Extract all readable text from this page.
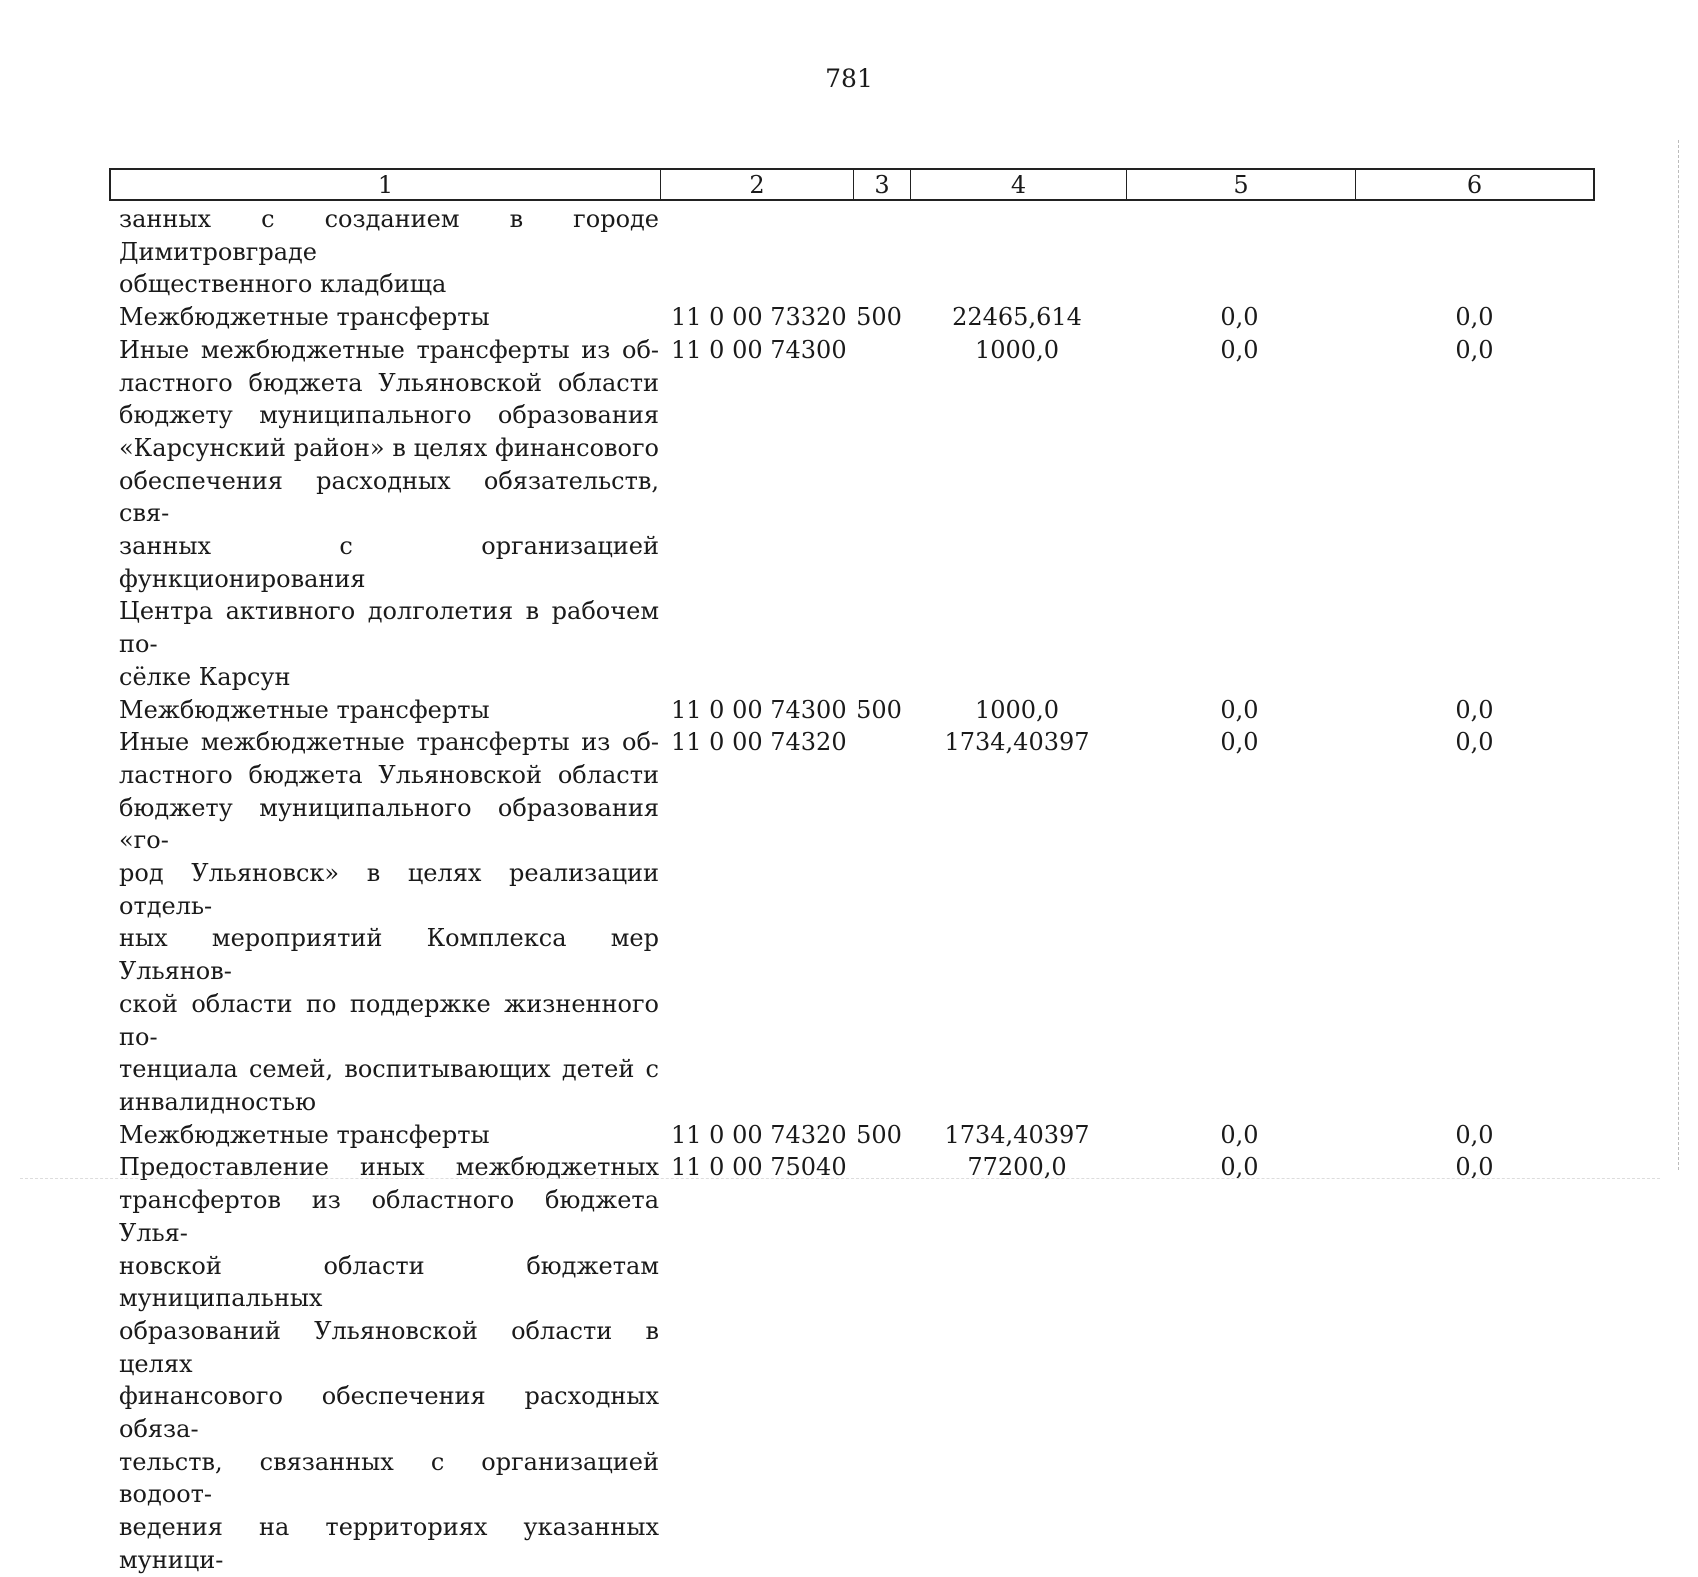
781
1	2	3	4	5	6
занных с созданием в городе Димитровграде
общественного кладбища
Межбюджетные трансферты	11 0 00 73320 500	22465,614	0,0	0,0
Иные межбюджетные трансферты из об-
ластного бюджета Ульяновской области
бюджету муниципального образования
«Карсунский район» в целях финансового
обеспечения расходных обязательств, свя-
занных с организацией функционирования
Центра активного долголетия в рабочем по-
сёлке Карсун
11 0 00 74300	1000,0	0,0	0,0
Межбюджетные трансферты	11 0 00 74300 500	1000,0	0,0	0,0
Иные межбюджетные трансферты из об-
ластного бюджета Ульяновской области
бюджету муниципального образования «го-
род Ульяновск» в целях реализации отдель-
ных мероприятий Комплекса мер Ульянов-
ской области по поддержке жизненного по-
тенциала семей, воспитывающих детей с
инвалидностью
11 0 00 74320	1734,40397	0,0	0,0
Межбюджетные трансферты	11 0 00 74320 500	1734,40397	0,0	0,0
Предоставление иных межбюджетных
трансфертов из областного бюджета Улья-
новской области бюджетам муниципальных
образований Ульяновской области в целях
финансового обеспечения расходных обяза-
тельств, связанных с организацией водоот-
ведения на территориях указанных муници-
11 0 00 75040	77200,0	0,0	0,0
